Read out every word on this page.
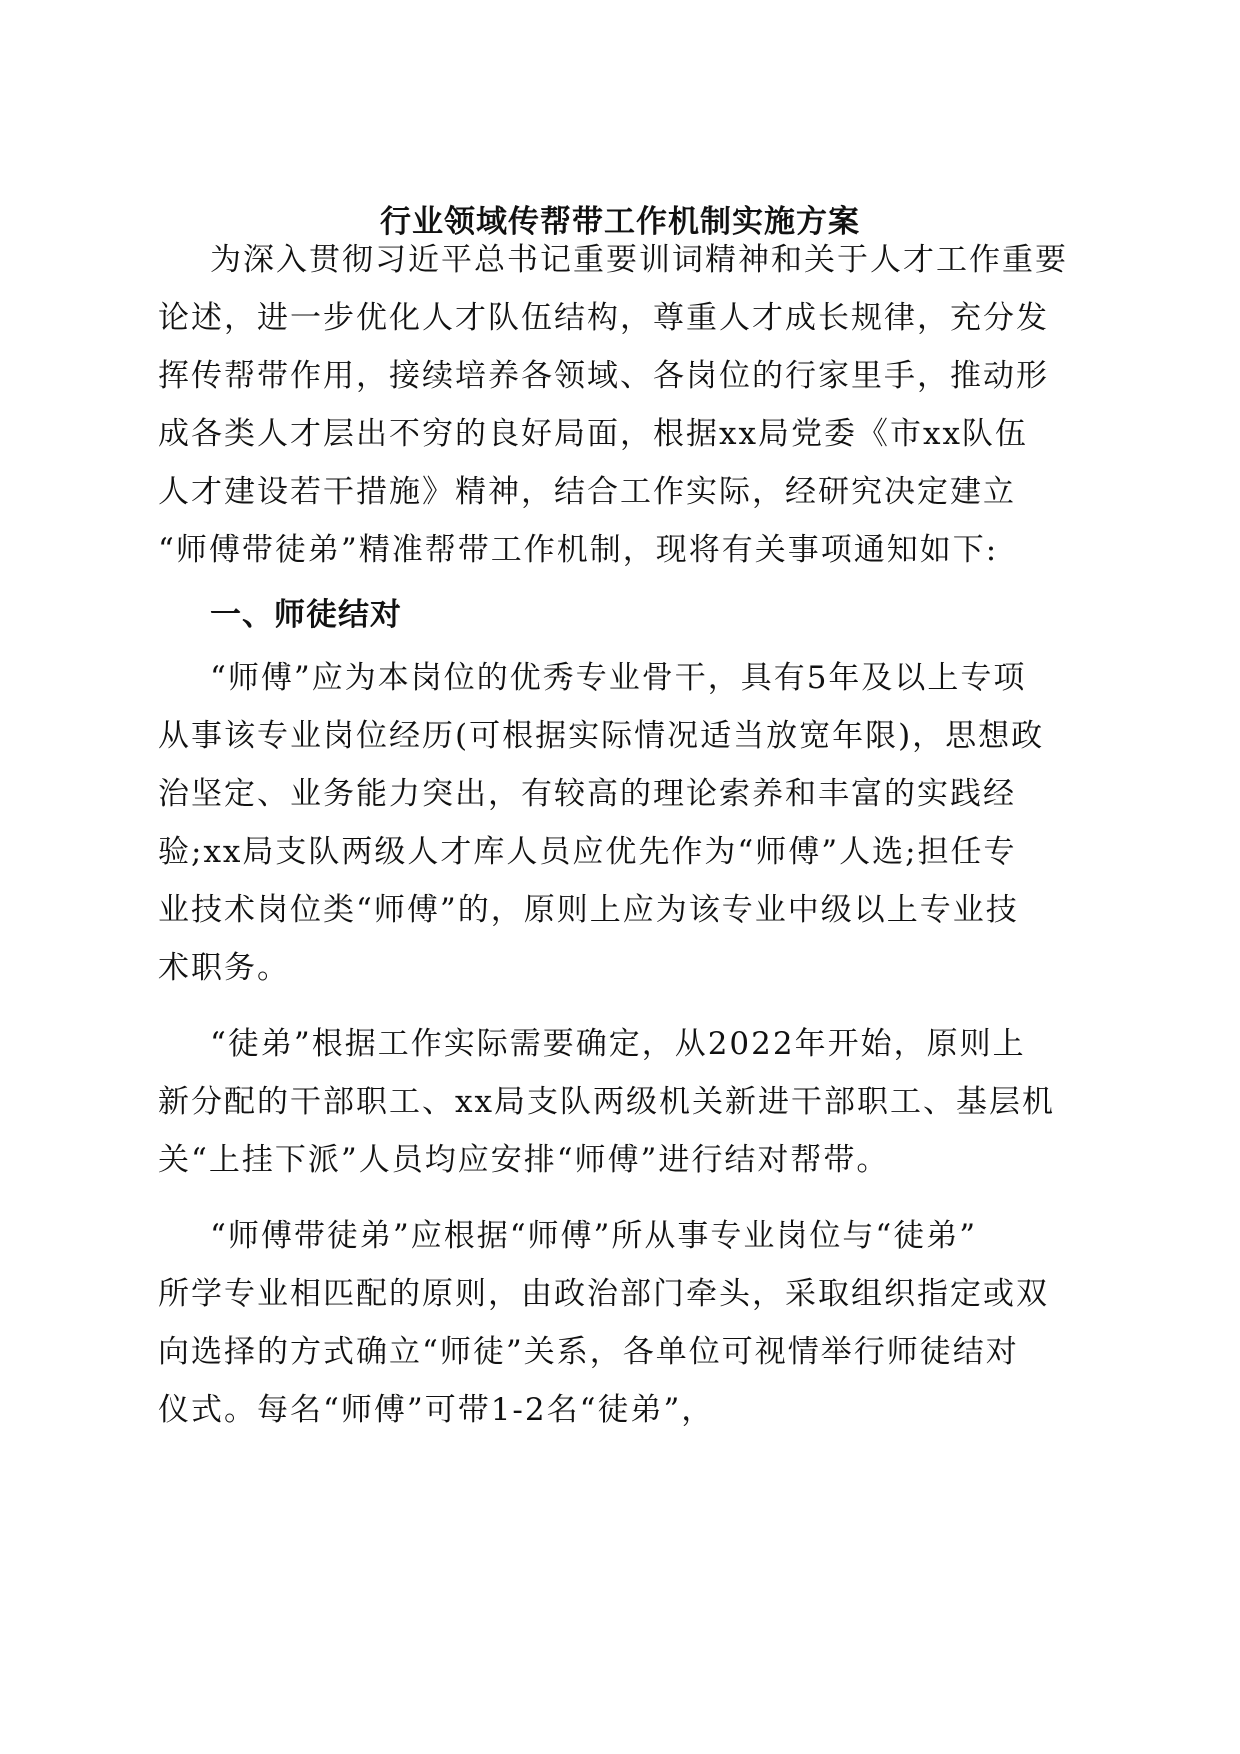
行业领域传帮带工作机制实施方案
为深入贯彻习近平总书记重要训词精神和关于人才工作重要
论述，进一步优化人才队伍结构，尊重人才成长规律，充分发
挥传帮带作用，接续培养各领域、各岗位的行家里手，推动形
成各类人才层出不穷的良好局面，根据xx局党委《市xx队伍
人才建设若干措施》精神，结合工作实际，经研究决定建立
“师傅带徒弟”精准帮带工作机制，现将有关事项通知如下:
一、师徒结对
“师傅”应为本岗位的优秀专业骨干，具有5年及以上专项
从事该专业岗位经历(可根据实际情况适当放宽年限)，思想政
治坚定、业务能力突出，有较高的理论索养和丰富的实践经
验;xx局支队两级人才库人员应优先作为“师傅”人选;担任专
业技术岗位类“师傅”的，原则上应为该专业中级以上专业技
术职务。
“徒弟”根据工作实际需要确定，从2022年开始，原则上
新分配的干部职工、xx局支队两级机关新进干部职工、基层机
关“上挂下派”人员均应安排“师傅”进行结对帮带。
“师傅带徒弟”应根据“师傅”所从事专业岗位与“徒弟”
所学专业相匹配的原则，由政治部门牵头，采取组织指定或双
向选择的方式确立“师徒”关系，各单位可视情举行师徒结对
仪式。每名“师傅”可带1-2名“徒弟”，
